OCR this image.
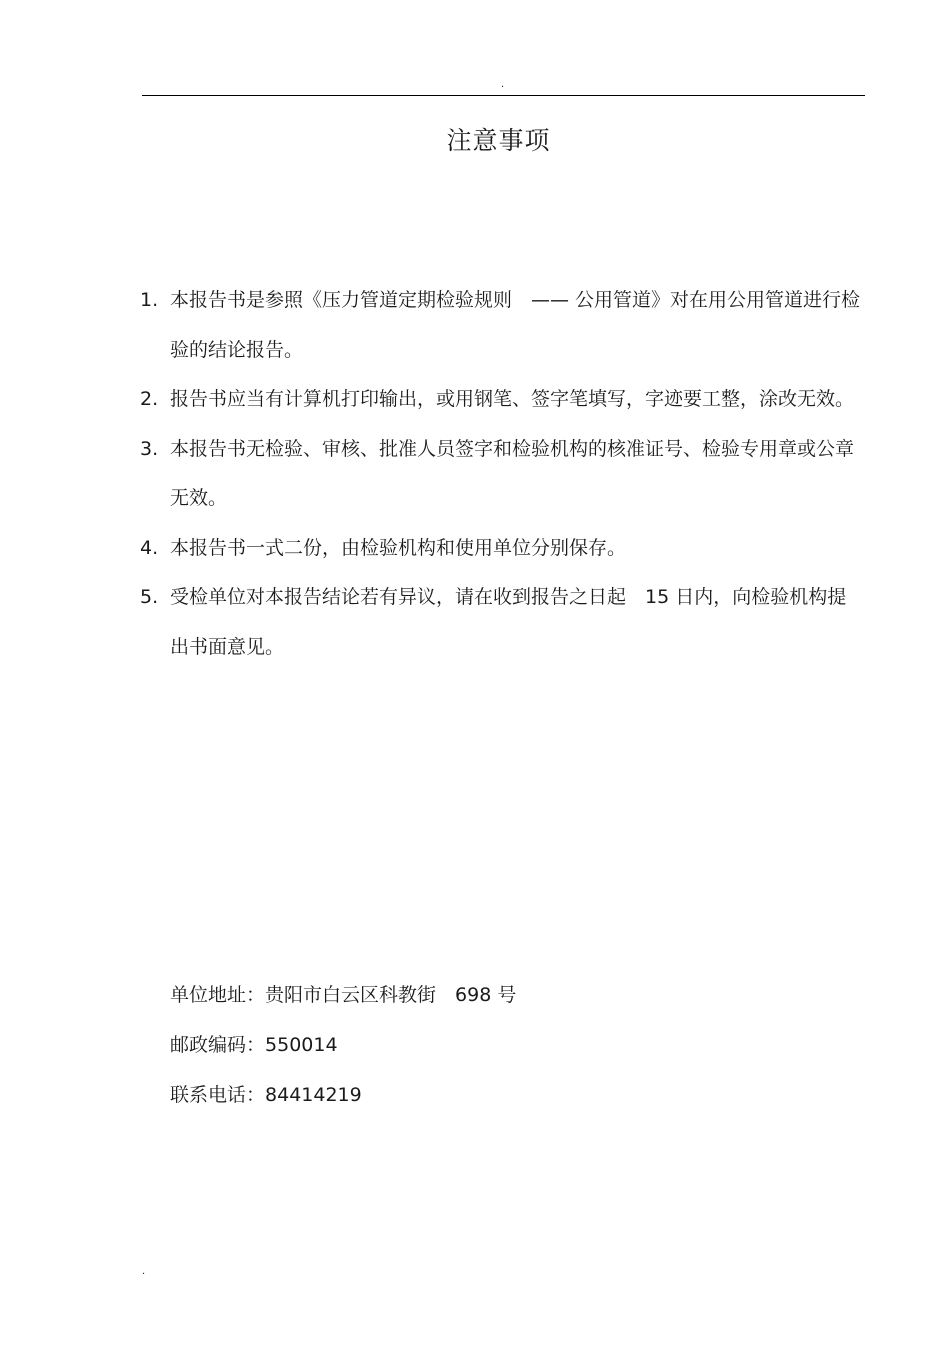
.
注意事项
1. 本报告书是参照《压力管道定期检验规则　—— 公用管道》对在用公用管道进行检验的结论报告。
2. 报告书应当有计算机打印输出，或用钢笔、签字笔填写，字迹要工整，涂改无效。
3. 本报告书无检验、审核、批准人员签字和检验机构的核准证号、检验专用章或公章无效。
4. 本报告书一式二份，由检验机构和使用单位分别保存。
5. 受检单位对本报告结论若有异议，请在收到报告之日起　15 日内，向检验机构提出书面意见。
单位地址：贵阳市白云区科教街　698 号
邮政编码：550014
联系电话：84414219
.
